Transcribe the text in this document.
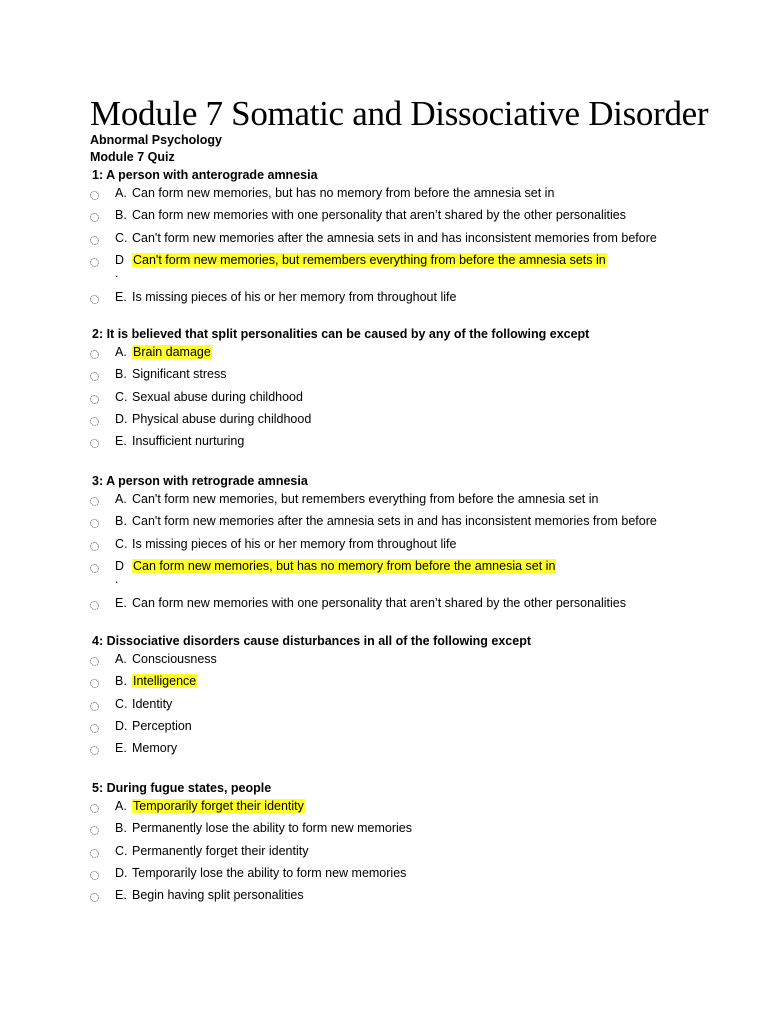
Module 7 Somatic and Dissociative Disorder
Abnormal Psychology
Module 7 Quiz
1: A person with anterograde amnesia
A. Can form new memories, but has no memory from before the amnesia set in
B. Can form new memories with one personality that aren’t shared by the other personalities
C. Can't form new memories after the amnesia sets in and has inconsistent memories from before
D Can't form new memories, but remembers everything from before the amnesia sets in
.
E. Is missing pieces of his or her memory from throughout life
2: It is believed that split personalities can be caused by any of the following except
A. Brain damage
B. Significant stress
C. Sexual abuse during childhood
D. Physical abuse during childhood
E. Insufficient nurturing
3: A person with retrograde amnesia
A. Can't form new memories, but remembers everything from before the amnesia set in
B. Can't form new memories after the amnesia sets in and has inconsistent memories from before
C. Is missing pieces of his or her memory from throughout life
D Can form new memories, but has no memory from before the amnesia set in
.
E. Can form new memories with one personality that aren’t shared by the other personalities
4: Dissociative disorders cause disturbances in all of the following except
A. Consciousness
B. Intelligence
C. Identity
D. Perception
E. Memory
5: During fugue states, people
A. Temporarily forget their identity
B. Permanently lose the ability to form new memories
C. Permanently forget their identity
D. Temporarily lose the ability to form new memories
E. Begin having split personalities
